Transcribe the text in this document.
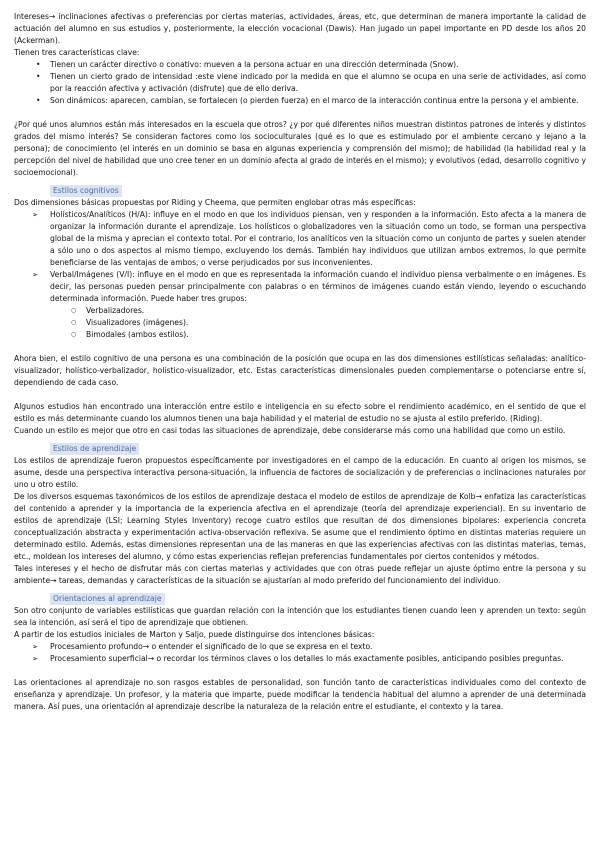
Intereses→ inclinaciones afectivas o preferencias por ciertas materias, actividades, áreas, etc, que determinan de manera importante la calidad de actuación del alumno en sus estudios y, posteriormente, la elección vocacional (Dawis). Han jugado un papel importante en PD desde los años 20 (Ackerman).

Tienen tres características clave:

• Tienen un carácter directivo o conativo: mueven a la persona actuar en una dirección determinada (Snow).
• Tienen un cierto grado de intensidad :este viene indicado por la medida en que el alumno se ocupa en una serie de actividades, así como por la reacción afectiva y activación (disfrute) que de ello deriva.
• Son dinámicos: aparecen, cambian, se fortalecen (o pierden fuerza) en el marco de la interacción continua entre la persona y el ambiente.

¿Por qué unos alumnos están más interesados en la escuela que otros? ¿y por qué diferentes niños muestran distintos patrones de interés y distintos grados del mismo interés? Se consideran factores como los socioculturales (qué es lo que es estimulado por el ambiente cercano y lejano a la persona); de conocimiento (el interés en un dominio se basa en algunas experiencia y comprensión del mismo); de habilidad (la habilidad real y la percepción del nivel de habilidad que uno cree tener en un dominio afecta al grado de interés en el mismo); y evolutivos (edad, desarrollo cognitivo y socioemocional).

Estilos cognitivos

Dos dimensiones básicas propuestas por Riding y Cheema, que permiten englobar otras más específicas:

➢ Holísticos/Analíticos (H/A): influye en el modo en que los individuos piensan, ven y responden a la información. Esto afecta a la manera de organizar la información durante el aprendizaje. Los holísticos o globalizadores ven la situación como un todo, se forman una perspectiva global de la misma y aprecian el contexto total. Por el contrario, los analíticos ven la situación como un conjunto de partes y suelen atender a sólo uno o dos aspectos al mismo tiempo, excluyendo los demás. También hay individuos que utilizan ambos extremos, lo que permite beneficiarse de las ventajas de ambos, o verse perjudicados por sus inconvenientes.
➢ Verbal/Imágenes (V/I): influye en el modo en que es representada la información cuando el individuo piensa verbalmente o en imágenes. Es decir, las personas pueden pensar principalmente con palabras o en términos de imágenes cuando están viendo, leyendo o escuchando determinada información. Puede haber tres grupos:
○ Verbalizadores.
○ Visualizadores (imágenes).
○ Bimodales (ambos estilos).

Ahora bien, el estilo cognitivo de una persona es una combinación de la posición que ocupa en las dos dimensiones estilísticas señaladas: analítico-visualizador, holístico-verbalizador, holístico-visualizador, etc. Estas características dimensionales pueden complementarse o potenciarse entre sí, dependiendo de cada caso.

Algunos estudios han encontrado una interacción entre estilo e inteligencia en su efecto sobre el rendimiento académico, en el sentido de que el estilo es más determinante cuando los alumnos tienen una baja habilidad y el material de estudio no se ajusta al estilo preferido. (Riding).

Cuando un estilo es mejor que otro en casi todas las situaciones de aprendizaje, debe considerarse más como una habilidad que como un estilo.

Estilos de aprendizaje

Los estilos de aprendizaje fueron propuestos específicamente por investigadores en el campo de la educación. En cuanto al origen los mismos, se asume, desde una perspectiva interactiva persona-situación, la influencia de factores de socialización y de preferencias o inclinaciones naturales por uno u otro estilo.

De los diversos esquemas taxonómicos de los estilos de aprendizaje destaca el modelo de estilos de aprendizaje de Kolb→ enfatiza las características del contenido a aprender y la importancia de la experiencia afectiva en el aprendizaje (teoría del aprendizaje experiencial). En su inventario de estilos de aprendizaje (LSI; Learning Styles Inventory) recoge cuatro estilos que resultan de dos dimensiones bipolares: experiencia concreta conceptualización abstracta y experimentación activa-observación reflexiva. Se asume que el rendimiento óptimo en distintas materias requiere un determinado estilo. Además, estas dimensiones representan una de las maneras en que las experiencias afectivas con las distintas materias, temas, etc., moldean los intereses del alumno, y cómo estas experiencias reflejan preferencias fundamentales por ciertos contenidos y métodos.

Tales intereses y el hecho de disfrutar más con ciertas materias y actividades que con otras puede reflejar un ajuste óptimo entre la persona y su ambiente→ tareas, demandas y características de la situación se ajustarían al modo preferido del funcionamiento del individuo.

Orientaciones al aprendizaje

Son otro conjunto de variables estilísticas que guardan relación con la intención que los estudiantes tienen cuando leen y aprenden un texto: según sea la intención, así será el tipo de aprendizaje que obtienen.

A partir de los estudios iniciales de Marton y Saljo, puede distinguirse dos intenciones básicas:

➢ Procesamiento profundo→ o entender el significado de lo que se expresa en el texto.
➢ Procesamiento superficial→ o recordar los términos claves o los detalles lo más exactamente posibles, anticipando posibles preguntas.

Las orientaciones al aprendizaje no son rasgos estables de personalidad, son función tanto de características individuales como del contexto de enseñanza y aprendizaje. Un profesor, y la materia que imparte, puede modificar la tendencia habitual del alumno a aprender de una determinada manera. Así pues, una orientación al aprendizaje describe la naturaleza de la relación entre el estudiante, el contexto y la tarea.
